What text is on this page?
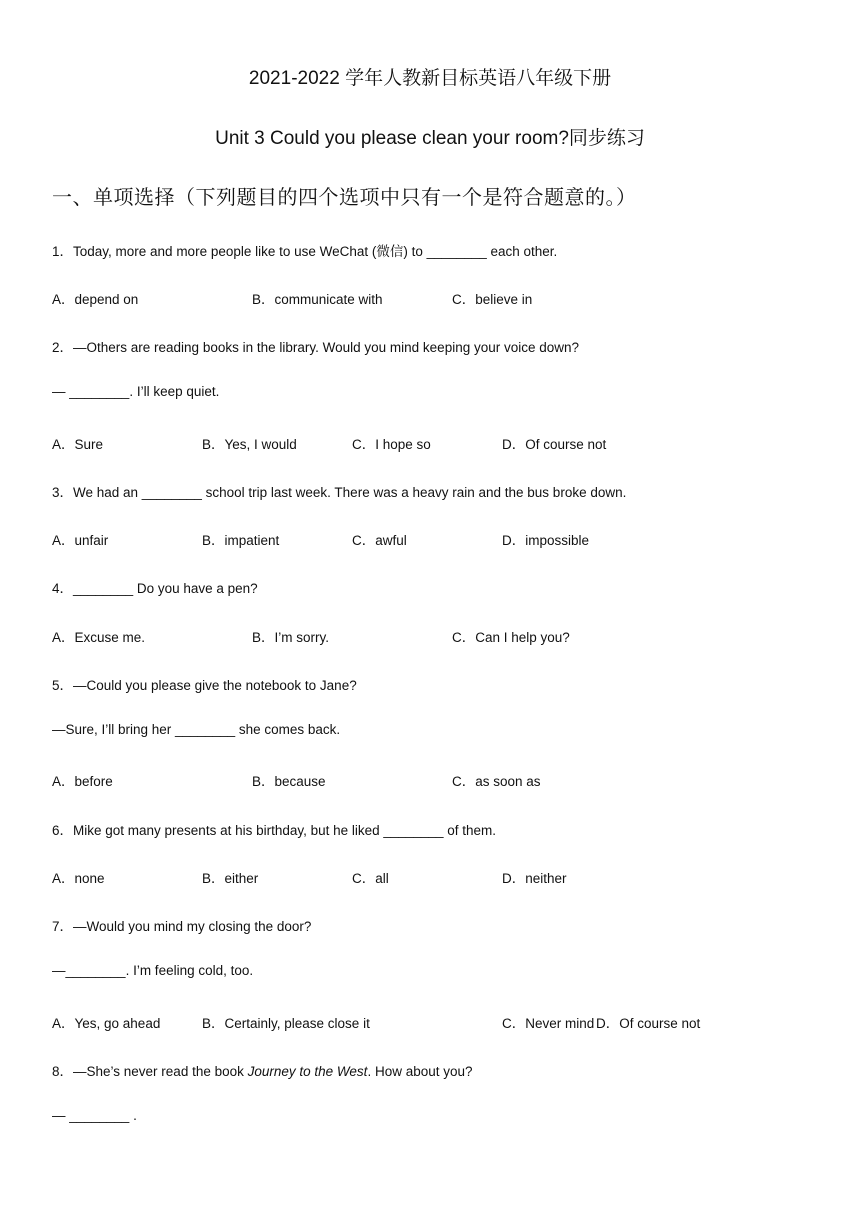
2021-2022 学年人教新目标英语八年级下册
Unit 3 Could you please clean your room?同步练习
一、单项选择（下列题目的四个选项中只有一个是符合题意的。）
1．Today, more and more people like to use WeChat (微信) to ________ each other.
A．depend on	B．communicate with	C．believe in
2．—Others are reading books in the library. Would you mind keeping your voice down?
— ________. I’ll keep quiet.
A．Sure	B．Yes, I would	C．I hope so	D．Of course not
3．We had an ________ school trip last week. There was a heavy rain and the bus broke down.
A．unfair	B．impatient	C．awful	D．impossible
4．________ Do you have a pen?
A．Excuse me.	B．I’m sorry.	C．Can I help you?
5．—Could you please give the notebook to Jane?
—Sure, I’ll bring her ________ she comes back.
A．before	B．because	C．as soon as
6．Mike got many presents at his birthday, but he liked ________ of them.
A．none	B．either	C．all	D．neither
7．—Would you mind my closing the door?
—________. I’m feeling cold, too.
A．Yes, go ahead	B．Certainly, please close it	C．Never mind D．Of course not
8．—She’s never read the book Journey to the West. How about you?
— ________ .
